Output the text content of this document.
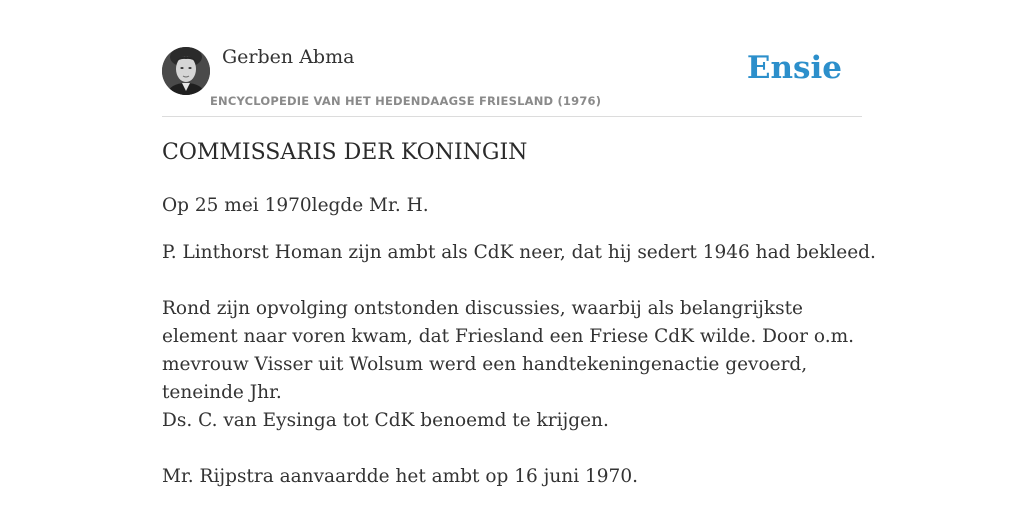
Gerben Abma
ENCYCLOPEDIE VAN HET HEDENDAAGSE FRIESLAND (1976)
Ensie
COMMISSARIS DER KONINGIN
Op 25 mei 1970legde Mr. H.
P. Linthorst Homan zijn ambt als CdK neer, dat hij sedert 1946 had bekleed.
Rond zijn opvolging ontstonden discussies, waarbij als belangrijkste element naar voren kwam, dat Friesland een Friese CdK wilde. Door o.m. mevrouw Visser uit Wolsum werd een handtekeningenactie gevoerd, teneinde Jhr.
Ds. C. van Eysinga tot CdK benoemd te krijgen.
Mr. Rijpstra aanvaardde het ambt op 16 juni 1970.
